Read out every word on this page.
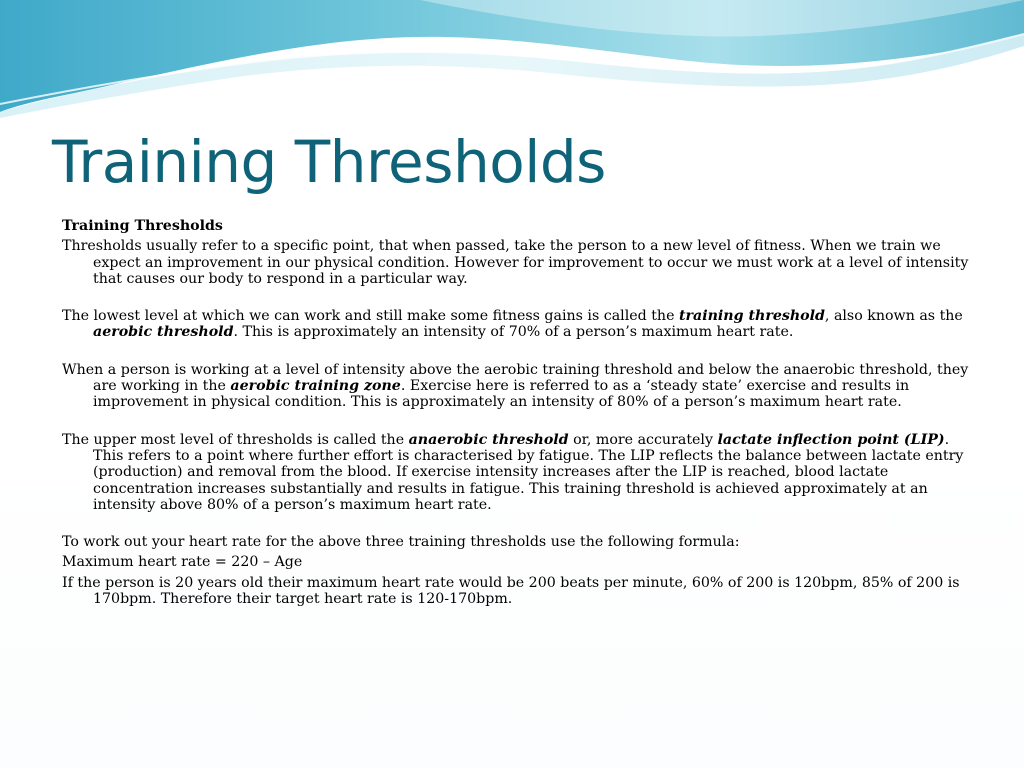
Training Thresholds

Training Thresholds

Thresholds usually refer to a specific point, that when passed, take the person to a new level of fitness. When we train we expect an improvement in our physical condition. However for improvement to occur we must work at a level of intensity that causes our body to respond in a particular way.

The lowest level at which we can work and still make some fitness gains is called the training threshold, also known as the aerobic threshold. This is approximately an intensity of 70% of a person’s maximum heart rate.

When a person is working at a level of intensity above the aerobic training threshold and below the anaerobic threshold, they are working in the aerobic training zone. Exercise here is referred to as a ‘steady state’ exercise and results in improvement in physical condition. This is approximately an intensity of 80% of a person’s maximum heart rate.

The upper most level of thresholds is called the anaerobic threshold or, more accurately lactate inflection point (LIP). This refers to a point where further effort is characterised by fatigue. The LIP reflects the balance between lactate entry (production) and removal from the blood. If exercise intensity increases after the LIP is reached, blood lactate concentration increases substantially and results in fatigue. This training threshold is achieved approximately at an intensity above 80% of a person’s maximum heart rate.

To work out your heart rate for the above three training thresholds use the following formula:

Maximum heart rate = 220 – Age

If the person is 20 years old their maximum heart rate would be 200 beats per minute, 60% of 200 is 120bpm, 85% of 200 is 170bpm. Therefore their target heart rate is 120-170bpm.
